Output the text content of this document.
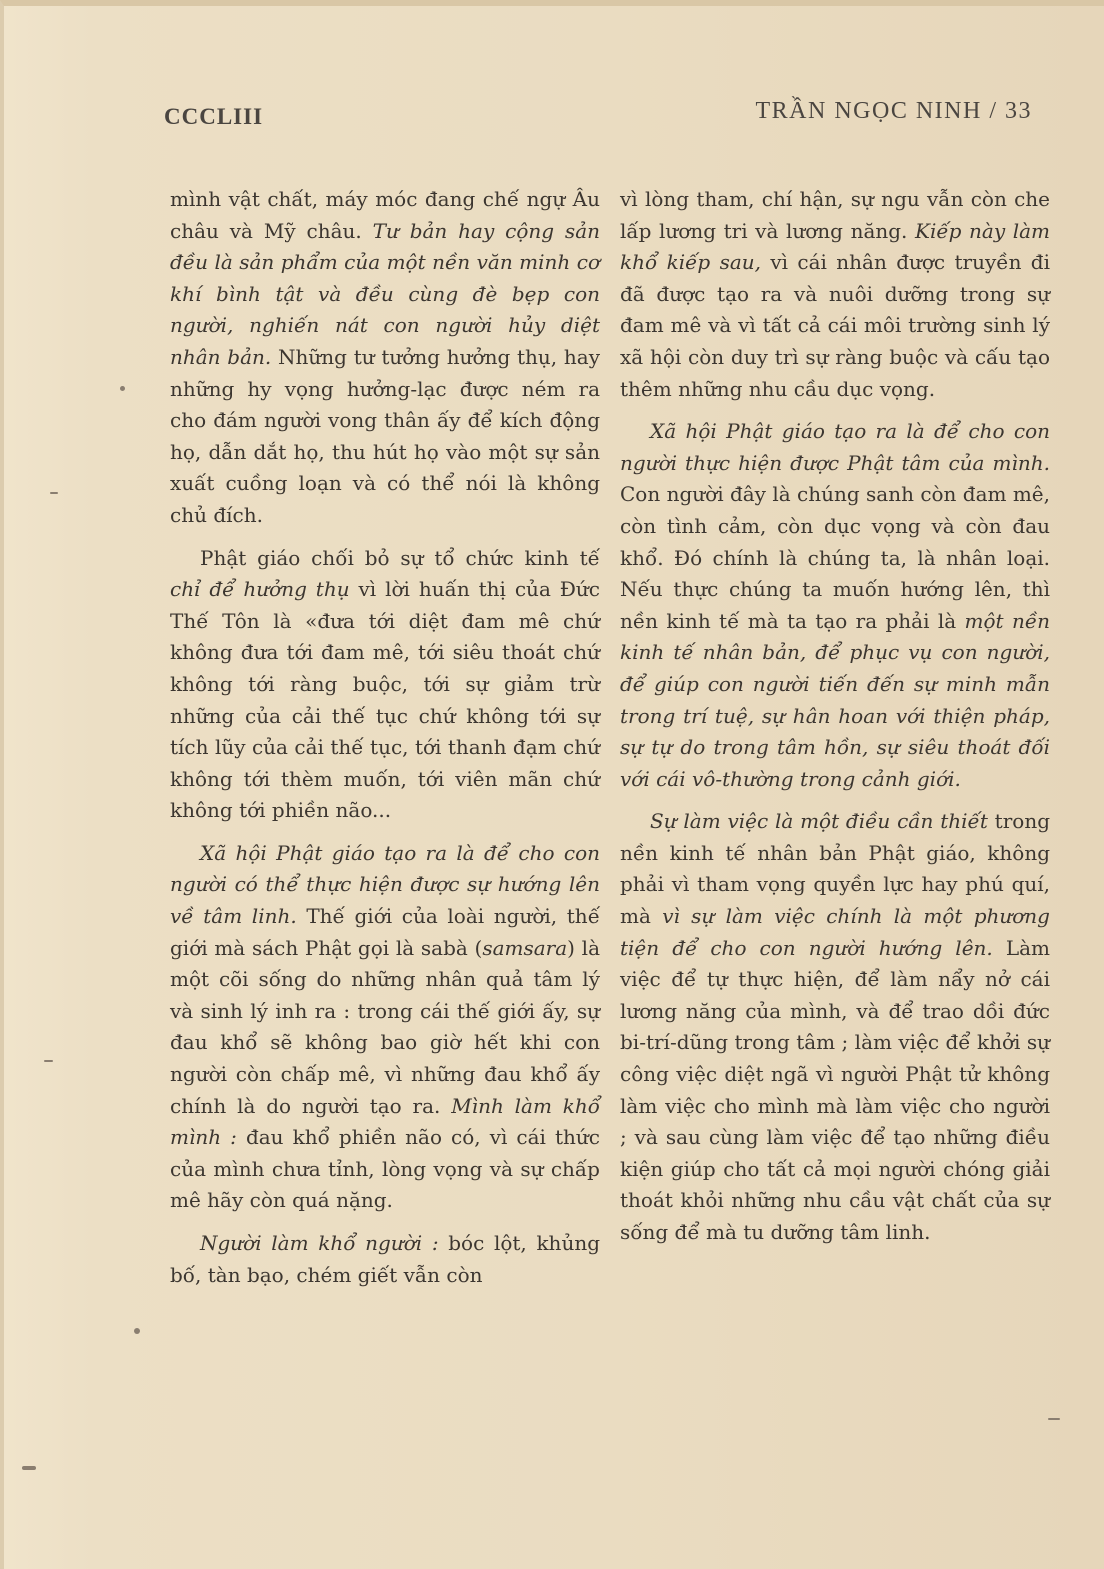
CCCLIII	TRẦN NGỌC NINH / 33

mình vật chất, máy móc đang chế ngự Âu châu và Mỹ châu. Tư bản hay cộng sản đều là sản phẩm của một nền văn minh cơ khí bình tật và đều cùng đè bẹp con người, nghiến nát con người hủy diệt nhân bản. Những tư tưởng hưởng thụ, hay những hy vọng hưởng-lạc được ném ra cho đám người vong thân ấy để kích động họ, dẫn dắt họ, thu hút họ vào một sự sản xuất cuồng loạn và có thể nói là không chủ đích.

Phật giáo chối bỏ sự tổ chức kinh tế chỉ để hưởng thụ vì lời huấn thị của Đức Thế Tôn là «đưa tới diệt đam mê chứ không đưa tới đam mê, tới siêu thoát chứ không tới ràng buộc, tới sự giảm trừ những của cải thế tục chứ không tới sự tích lũy của cải thế tục, tới thanh đạm chứ không tới thèm muốn, tới viên mãn chứ không tới phiền não...

Xã hội Phật giáo tạo ra là để cho con người có thể thực hiện được sự hướng lên về tâm linh. Thế giới của loài người, thế giới mà sách Phật gọi là sabà (samsara) là một cõi sống do những nhân quả tâm lý và sinh lý inh ra : trong cái thế giới ấy, sự đau khổ sẽ không bao giờ hết khi con người còn chấp mê, vì những đau khổ ấy chính là do người tạo ra. Mình làm khổ mình : đau khổ phiền não có, vì cái thức của mình chưa tỉnh, lòng vọng và sự chấp mê hãy còn quá nặng.

Người làm khổ người : bóc lột, khủng bố, tàn bạo, chém giết vẫn còn

vì lòng tham, chí hận, sự ngu vẫn còn che lấp lương tri và lương năng. Kiếp này làm khổ kiếp sau, vì cái nhân được truyền đi đã được tạo ra và nuôi dưỡng trong sự đam mê và vì tất cả cái môi trường sinh lý xã hội còn duy trì sự ràng buộc và cấu tạo thêm những nhu cầu dục vọng.

Xã hội Phật giáo tạo ra là để cho con người thực hiện được Phật tâm của mình. Con người đây là chúng sanh còn đam mê, còn tình cảm, còn dục vọng và còn đau khổ. Đó chính là chúng ta, là nhân loại. Nếu thực chúng ta muốn hướng lên, thì nền kinh tế mà ta tạo ra phải là một nền kinh tế nhân bản, để phục vụ con người, để giúp con người tiến đến sự minh mẫn trong trí tuệ, sự hân hoan với thiện pháp, sự tự do trong tâm hồn, sự siêu thoát đối với cái vô-thường trong cảnh giới.

Sự làm việc là một điều cần thiết trong nền kinh tế nhân bản Phật giáo, không phải vì tham vọng quyền lực hay phú quí, mà vì sự làm việc chính là một phương tiện để cho con người hướng lên. Làm việc để tự thực hiện, để làm nẩy nở cái lương năng của mình, và để trao dồi đức bi-trí-dũng trong tâm ; làm việc để khởi sự công việc diệt ngã vì người Phật tử không làm việc cho mình mà làm việc cho người ; và sau cùng làm việc để tạo những điều kiện giúp cho tất cả mọi người chóng giải thoát khỏi những nhu cầu vật chất của sự sống để mà tu dưỡng tâm linh.
